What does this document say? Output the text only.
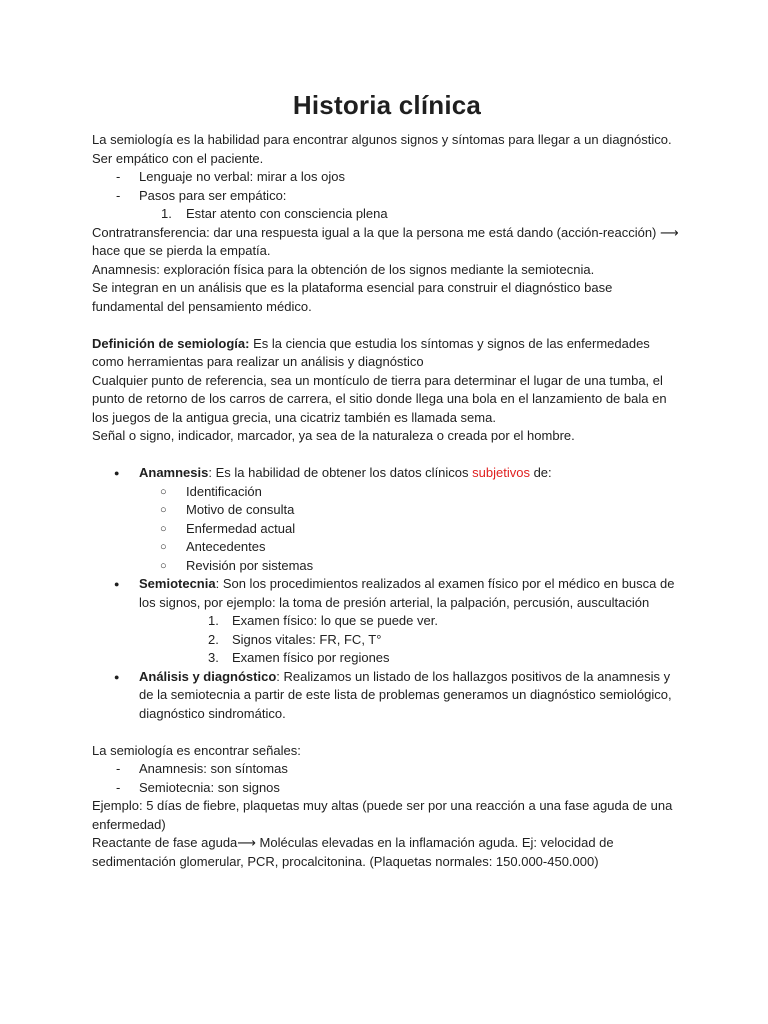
Historia clínica

La semiología es la habilidad para encontrar algunos signos y síntomas para llegar a un diagnóstico.

Ser empático con el paciente.

- Lenguaje no verbal: mirar a los ojos
- Pasos para ser empático:
1. Estar atento con consciencia plena

Contratransferencia: dar una respuesta igual a la que la persona me está dando (acción-reacción) ⟶ hace que se pierda la empatía.

Anamnesis: exploración física para la obtención de los signos mediante la semiotecnia.

Se integran en un análisis que es la plataforma esencial para construir el diagnóstico base fundamental del pensamiento médico.

Definición de semiología: Es la ciencia que estudia los síntomas y signos de las enfermedades como herramientas para realizar un análisis y diagnóstico

Cualquier punto de referencia, sea un montículo de tierra para determinar el lugar de una tumba, el punto de retorno de los carros de carrera, el sitio donde llega una bola en el lanzamiento de bala en los juegos de la antigua grecia, una cicatriz también es llamada sema.

Señal o signo, indicador, marcador, ya sea de la naturaleza o creada por el hombre.

● Anamnesis: Es la habilidad de obtener los datos clínicos subjetivos de:
○ Identificación
○ Motivo de consulta
○ Enfermedad actual
○ Antecedentes
○ Revisión por sistemas
● Semiotecnia: Son los procedimientos realizados al examen físico por el médico en busca de los signos, por ejemplo: la toma de presión arterial, la palpación, percusión, auscultación
1. Examen físico: lo que se puede ver.
2. Signos vitales: FR, FC, T°
3. Examen físico por regiones
● Análisis y diagnóstico: Realizamos un listado de los hallazgos positivos de la anamnesis y de la semiotecnia a partir de este lista de problemas generamos un diagnóstico semiológico, diagnóstico sindromático.

La semiología es encontrar señales:

- Anamnesis: son síntomas
- Semiotecnia: son signos

Ejemplo: 5 días de fiebre, plaquetas muy altas (puede ser por una reacción a una fase aguda de una enfermedad)

Reactante de fase aguda⟶ Moléculas elevadas en la inflamación aguda. Ej: velocidad de sedimentación glomerular, PCR, procalcitonina. (Plaquetas normales: 150.000-450.000)
